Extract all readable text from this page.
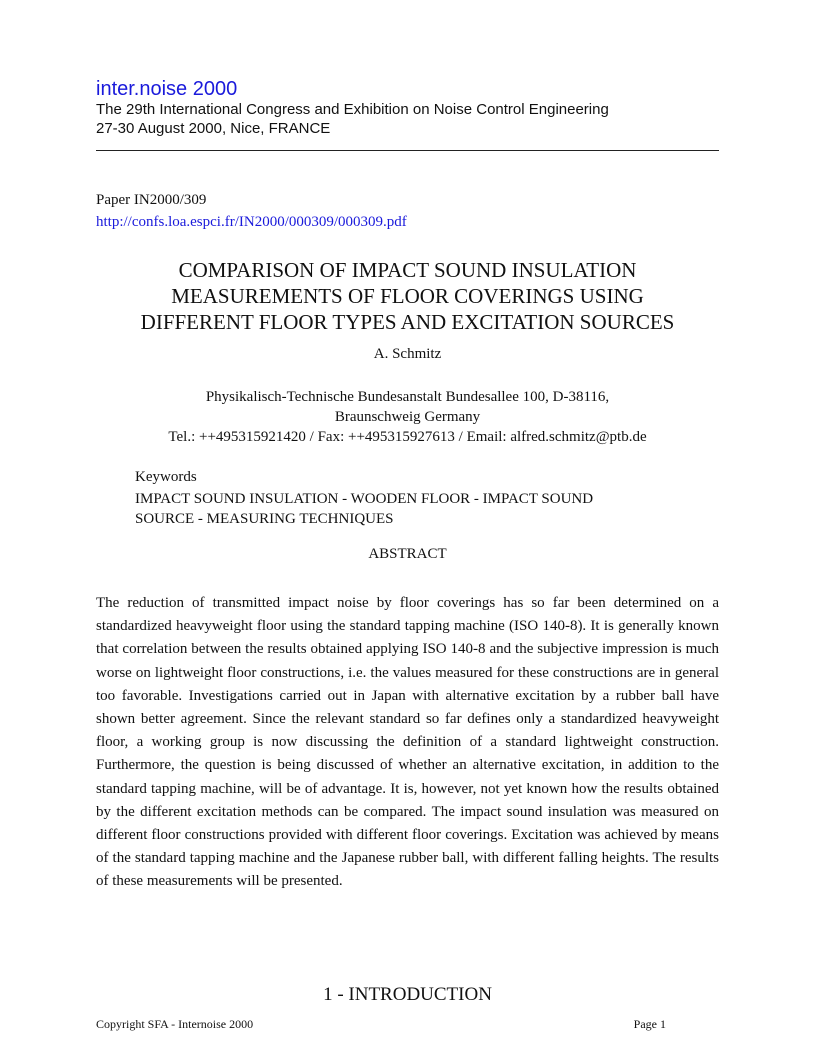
inter.noise 2000
The 29th International Congress and Exhibition on Noise Control Engineering
27-30 August 2000, Nice, FRANCE
Paper IN2000/309
http://confs.loa.espci.fr/IN2000/000309/000309.pdf
COMPARISON OF IMPACT SOUND INSULATION
MEASUREMENTS OF FLOOR COVERINGS USING
DIFFERENT FLOOR TYPES AND EXCITATION SOURCES
A. Schmitz
Physikalisch-Technische Bundesanstalt Bundesallee 100, D-38116,
Braunschweig Germany
Tel.: ++495315921420 / Fax: ++495315927613 / Email: alfred.schmitz@ptb.de
Keywords
IMPACT SOUND INSULATION - WOODEN FLOOR - IMPACT SOUND
SOURCE - MEASURING TECHNIQUES
ABSTRACT

The reduction of transmitted impact noise by floor coverings has so far been determined on a standardized heavyweight floor using the standard tapping machine (ISO 140-8). It is generally known that correlation between the results obtained applying ISO 140-8 and the subjective impression is much worse on lightweight floor constructions, i.e. the values measured for these constructions are in general too favorable. Investigations carried out in Japan with alternative excitation by a rubber ball have shown better agreement. Since the relevant standard so far defines only a standardized heavyweight floor, a working group is now discussing the definition of a standard lightweight construction. Furthermore, the question is being discussed of whether an alternative excitation, in addition to the standard tapping machine, will be of advantage. It is, however, not yet known how the results obtained by the different excitation methods can be compared. The impact sound insulation was measured on different floor constructions provided with different floor coverings. Excitation was achieved by means of the standard tapping machine and the Japanese rubber ball, with different falling heights. The results of these measurements will be presented.

1 - INTRODUCTION
Copyright SFA - Internoise 2000	Page 1
